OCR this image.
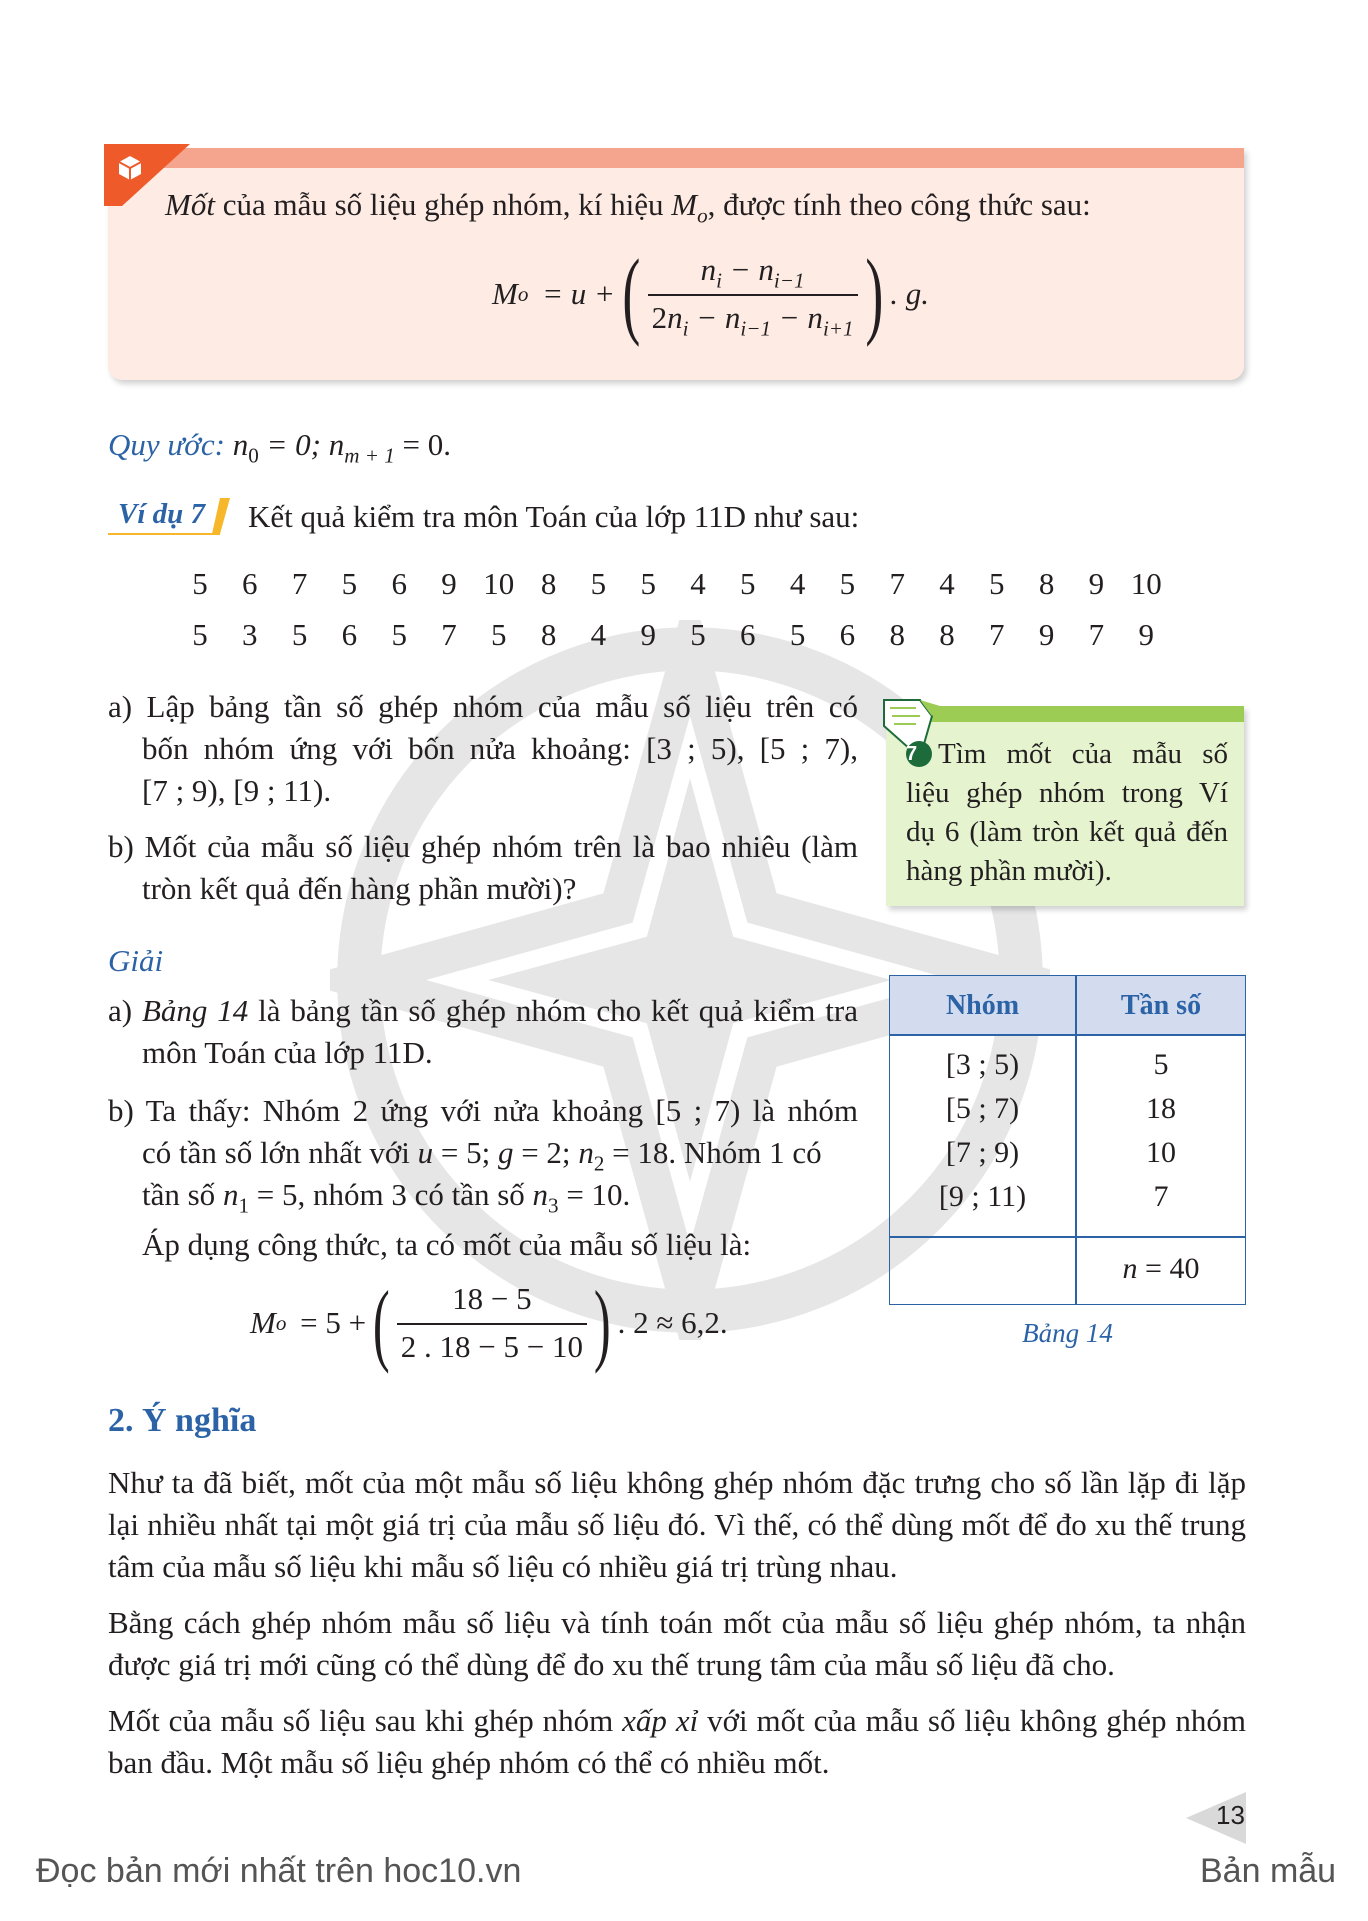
Mốt của mẫu số liệu ghép nhóm, kí hiệu $M_o$, được tính theo công thức sau:
M o = u + (	$n_i - n_{i-1}$
$2n_i - n_{i-1} - n_{i+1}$ ) . g.
Quy ước: $n_0 = 0$; $n_{m + 1} = 0$.
Ví dụ 7 Kết quả kiểm tra môn Toán của lớp 11D như sau:
5	6	7	5	6	9 10 8	5	5	4	5	4	5	7	4	5	8	9 10
5	3	5	6	5	7	5	8	4	9	5	6	5	6	8	8	7	9	7	9
a) Lập bảng tần số ghép nhóm của mẫu số liệu trên có
bốn nhóm ứng với bốn nửa khoảng: [3 ; 5), [5 ; 7),
[7 ; 9), [9 ; 11).
b) Mốt của mẫu số liệu ghép nhóm trên là bao nhiêu (làm
tròn kết quả đến hàng phần mười)?
7 Tìm mốt của mẫu số
liệu ghép nhóm trong Ví
dụ 6 (làm tròn kết quả đến
hàng phần mười).
Giải
a) Bảng 14 là bảng tần số ghép nhóm cho kết quả kiểm tra
môn Toán của lớp 11D.
b) Ta thấy: Nhóm 2 ứng với nửa khoảng [5 ; 7) là nhóm
có tần số lớn nhất với u = 5; g = 2; $n_2 = 18$. Nhóm 1 có
tần số $n_1 = 5$, nhóm 3 có tần số $n_3 = 10$.
Áp dụng công thức, ta có mốt của mẫu số liệu là:
M o = 5 + ( 18 − 5
2 . 18 − 5 − 10 ) . 2 ≈ 6,2.
Nhóm	Tần số
[3 ; 5)	5
[5 ; 7)	18
[7 ; 9)	10
[9 ; 11)	7
n = 40
Bảng 14
2. Ý nghĩa
Như ta đã biết, mốt của một mẫu số liệu không ghép nhóm đặc trưng cho số lần lặp đi lặp lại nhiều nhất tại một giá trị của mẫu số liệu đó. Vì thế, có thể dùng mốt để đo xu thế trung tâm của mẫu số liệu khi mẫu số liệu có nhiều giá trị trùng nhau.
Bằng cách ghép nhóm mẫu số liệu và tính toán mốt của mẫu số liệu ghép nhóm, ta nhận được giá trị mới cũng có thể dùng để đo xu thế trung tâm của mẫu số liệu đã cho.
Mốt của mẫu số liệu sau khi ghép nhóm xấp xỉ với mốt của mẫu số liệu không ghép nhóm ban đầu. Một mẫu số liệu ghép nhóm có thể có nhiều mốt.
13
Đọc bản mới nhất trên hoc10.vn	Bản mẫu
